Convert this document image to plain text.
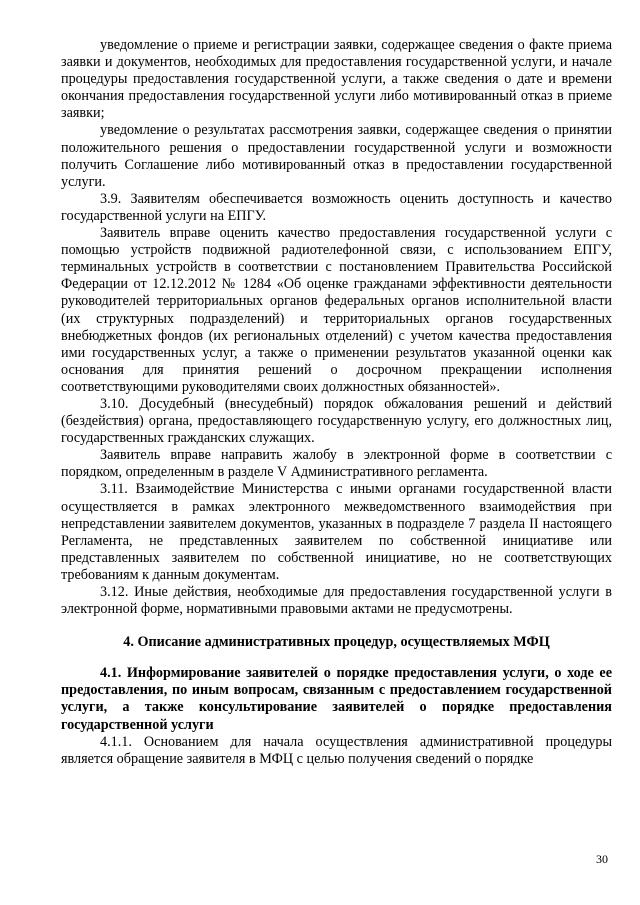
уведомление о приеме и регистрации заявки, содержащее сведения о факте приема заявки и документов, необходимых для предоставления государственной услуги, и начале процедуры предоставления государственной услуги, а также сведения о дате и времени окончания предоставления государственной услуги либо мотивированный отказ в приеме заявки;

уведомление о результатах рассмотрения заявки, содержащее сведения о принятии положительного решения о предоставлении государственной услуги и возможности получить Соглашение либо мотивированный отказ в предоставлении государственной услуги.

3.9. Заявителям обеспечивается возможность оценить доступность и качество государственной услуги на ЕПГУ.

Заявитель вправе оценить качество предоставления государственной услуги с помощью устройств подвижной радиотелефонной связи, с использованием ЕПГУ, терминальных устройств в соответствии с постановлением Правительства Российской Федерации от 12.12.2012 № 1284 «Об оценке гражданами эффективности деятельности руководителей территориальных органов федеральных органов исполнительной власти (их структурных подразделений) и территориальных органов государственных внебюджетных фондов (их региональных отделений) с учетом качества предоставления ими государственных услуг, а также о применении результатов указанной оценки как основания для принятия решений о досрочном прекращении исполнения соответствующими руководителями своих должностных обязанностей».

3.10. Досудебный (внесудебный) порядок обжалования решений и действий (бездействия) органа, предоставляющего государственную услугу, его должностных лиц, государственных гражданских служащих.

Заявитель вправе направить жалобу в электронной форме в соответствии с порядком, определенным в разделе V Административного регламента.

3.11. Взаимодействие Министерства с иными органами государственной власти осуществляется в рамках электронного межведомственного взаимодействия при непредставлении заявителем документов, указанных в подразделе 7 раздела II настоящего Регламента, не представленных заявителем по собственной инициативе или представленных заявителем по собственной инициативе, но не соответствующих требованиям к данным документам.

3.12. Иные действия, необходимые для предоставления государственной услуги в электронной форме, нормативными правовыми актами не предусмотрены.

4. Описание административных процедур, осуществляемых МФЦ
4.1. Информирование заявителей о порядке предоставления услуги, о ходе ее предоставления, по иным вопросам, связанным с предоставлением государственной услуги, а также консультирование заявителей о порядке предоставления государственной услуги

4.1.1. Основанием для начала осуществления административной процедуры является обращение заявителя в МФЦ с целью получения сведений о порядке

30
